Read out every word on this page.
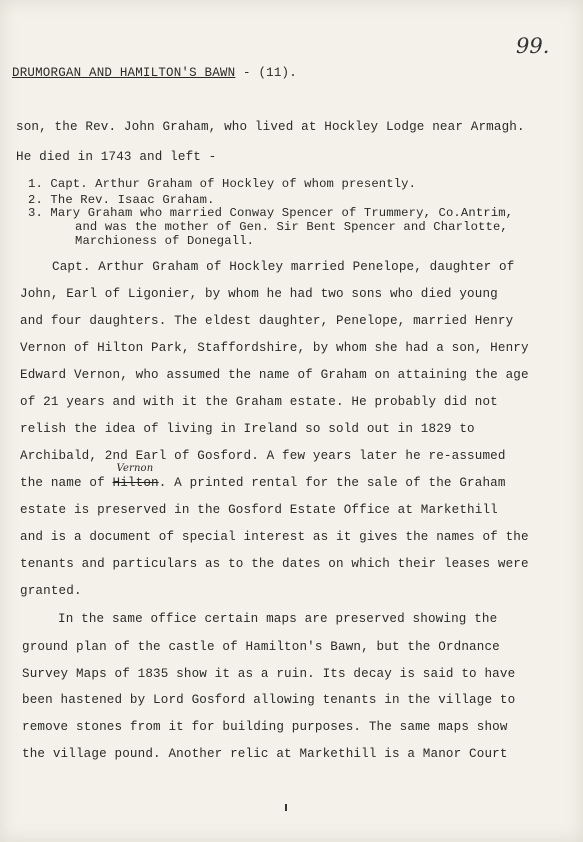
99.
DRUMORGAN AND HAMILTON'S BAWN - (11).
son, the Rev. John Graham, who lived at Hockley Lodge near Armagh.
He died in 1743 and left -
1. Capt. Arthur Graham of Hockley of whom presently.
2. The Rev. Isaac Graham.
3. Mary Graham who married Conway Spencer of Trummery, Co.Antrim,
and was the mother of Gen. Sir Bent Spencer and Charlotte,
Marchioness of Donegall.
Capt. Arthur Graham of Hockley married Penelope, daughter of
John, Earl of Ligonier, by whom he had two sons who died young
and four daughters. The eldest daughter, Penelope, married Henry
Vernon of Hilton Park, Staffordshire, by whom she had a son, Henry
Edward Vernon, who assumed the name of Graham on attaining the age
of 21 years and with it the Graham estate. He probably did not
relish the idea of living in Ireland so sold out in 1829 to
Archibald, 2nd Earl of Gosford. A few years later he re-assumed
the name of
Vernon
Hilton. A printed rental for the sale of the Graham
estate is preserved in the Gosford Estate Office at Markethill
and is a document of special interest as it gives the names of the
tenants and particulars as to the dates on which their leases were
granted.
In the same office certain maps are preserved showing the
ground plan of the castle of Hamilton's Bawn, but the Ordnance
Survey Maps of 1835 show it as a ruin. Its decay is said to have
been hastened by Lord Gosford allowing tenants in the village to
remove stones from it for building purposes. The same maps show
the village pound. Another relic at Markethill is a Manor Court
